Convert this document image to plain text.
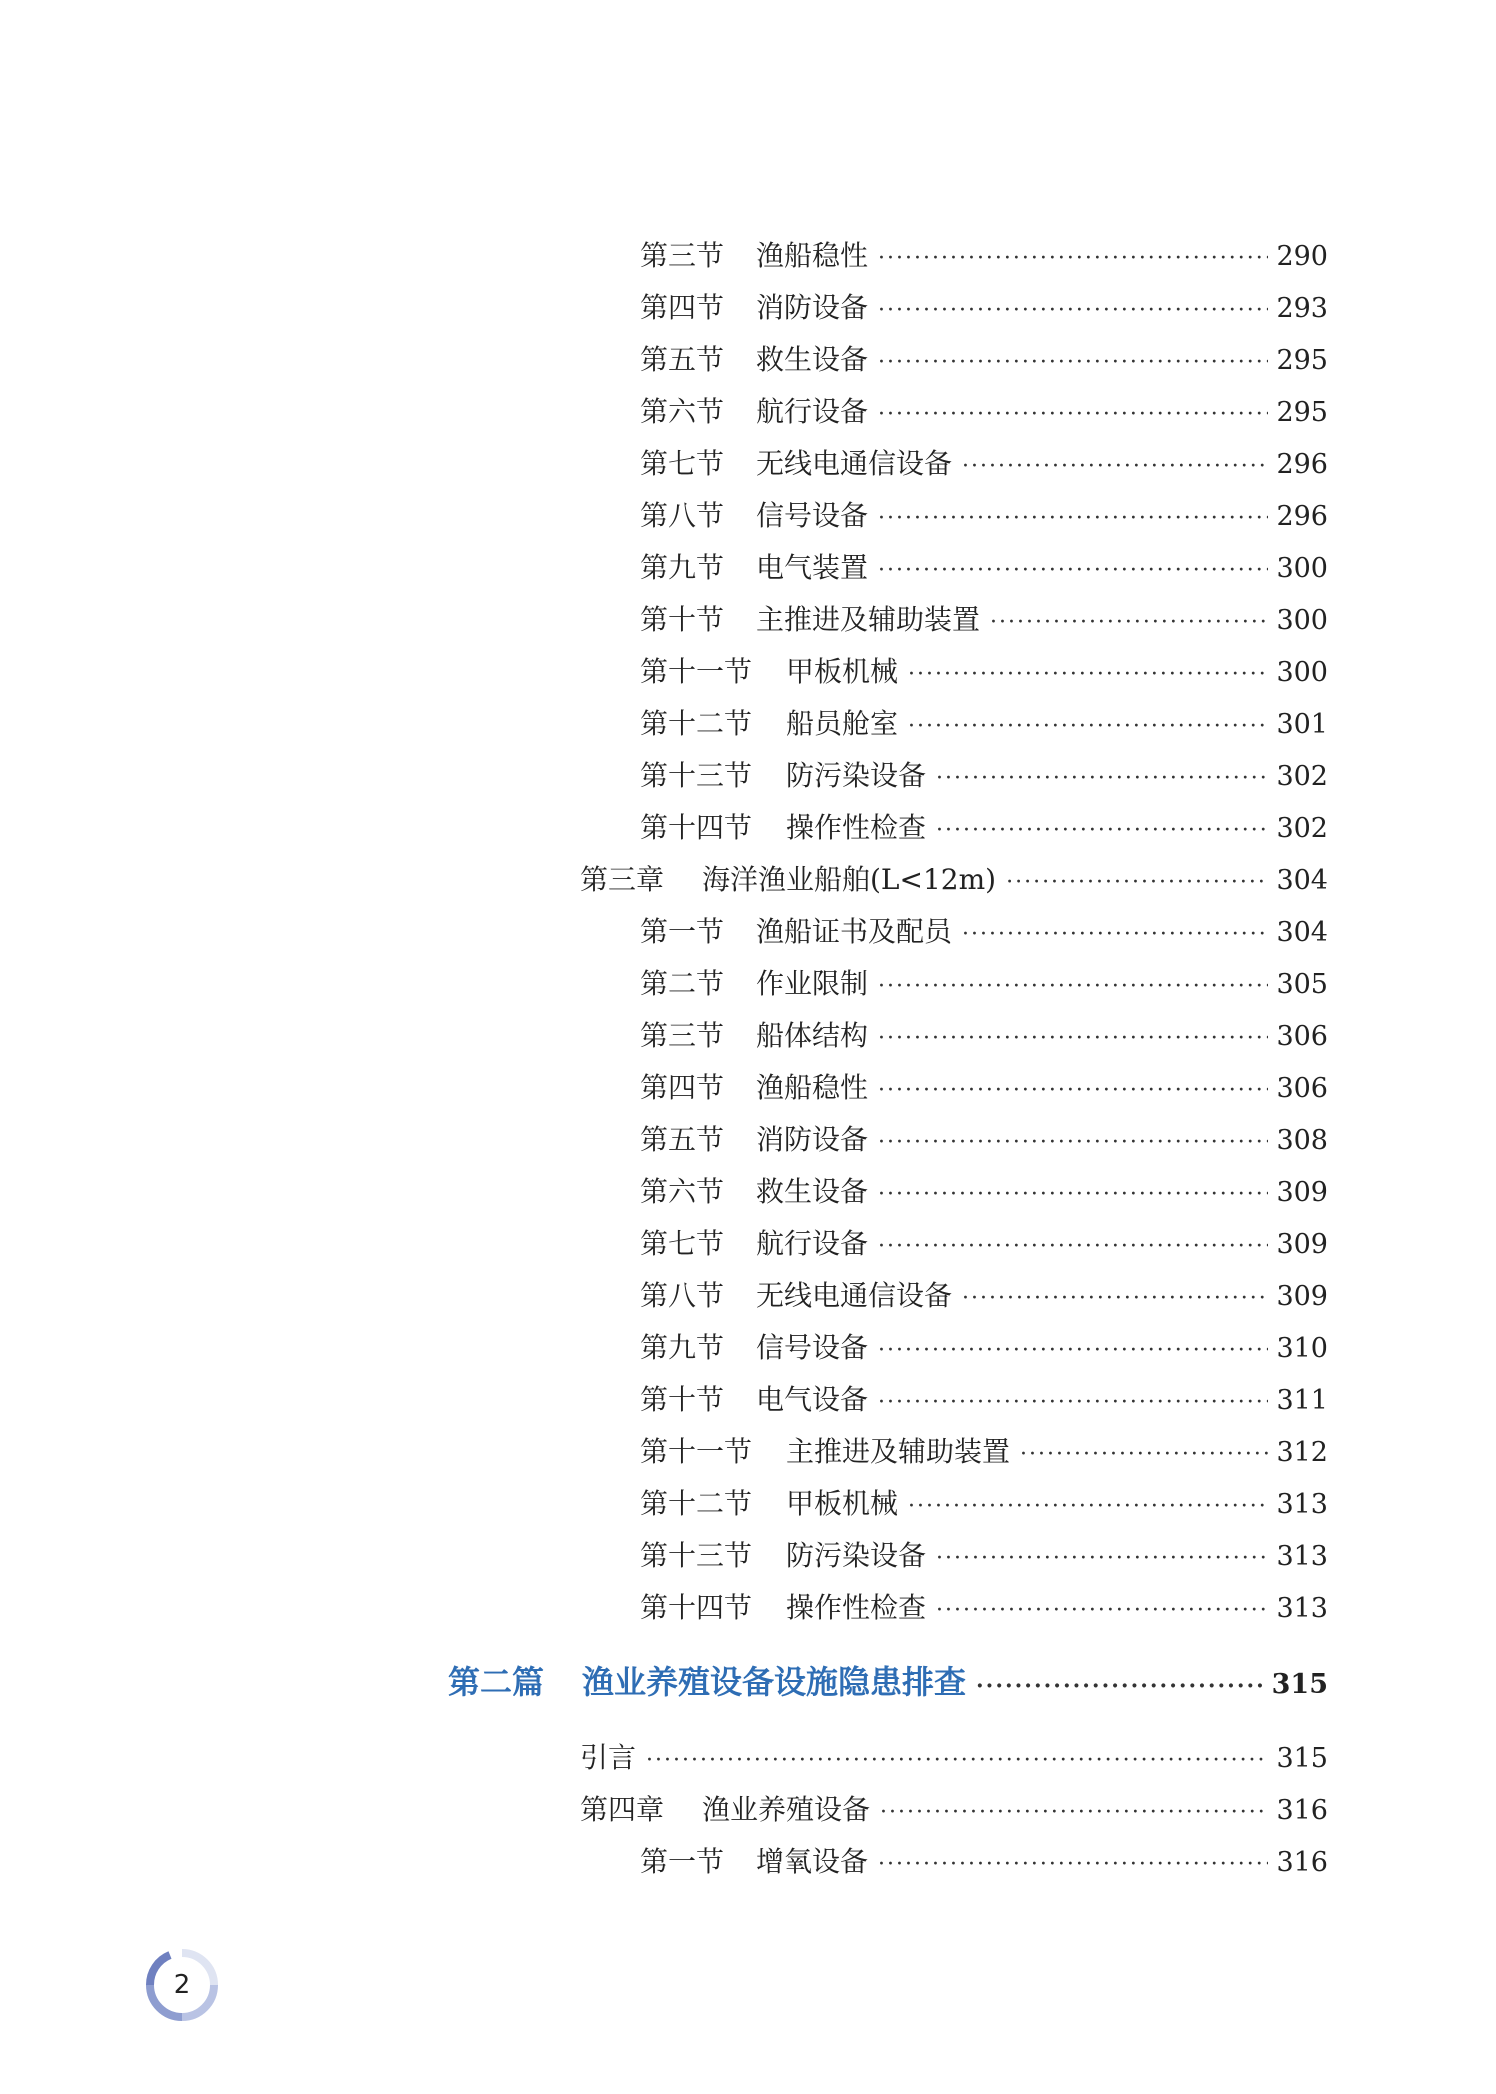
第三节	渔船稳性 ·····	290
第四节	消防设备 ·····	293
第五节	救生设备 ·····	295
第六节	航行设备 ·····	295
第七节	无线电通信设备 ·····	296
第八节	信号设备 ·····	296
第九节	电气装置 ·····	300
第十节	主推进及辅助装置 ·····	300
第十一节	甲板机械 ·····	300
第十二节	船员舱室 ·····	301
第十三节	防污染设备 ·····	302
第十四节	操作性检查 ·····	302
第三章	海洋渔业船舶(L<12m) ·····	304
第一节	渔船证书及配员 ·····	304
第二节	作业限制 ·····	305
第三节	船体结构 ·····	306
第四节	渔船稳性 ·····	306
第五节	消防设备 ·····	308
第六节	救生设备 ·····	309
第七节	航行设备 ·····	309
第八节	无线电通信设备 ·····	309
第九节	信号设备 ·····	310
第十节	电气设备 ·····	311
第十一节	主推进及辅助装置 ·····	312
第十二节	甲板机械 ·····	313
第十三节	防污染设备 ·····	313
第十四节	操作性检查 ·····	313
第二篇	渔业养殖设备设施隐患排查 ·····	315
引言 ·····	315
第四章	渔业养殖设备 ·····	316
第一节	增氧设备 ·····	316
2
